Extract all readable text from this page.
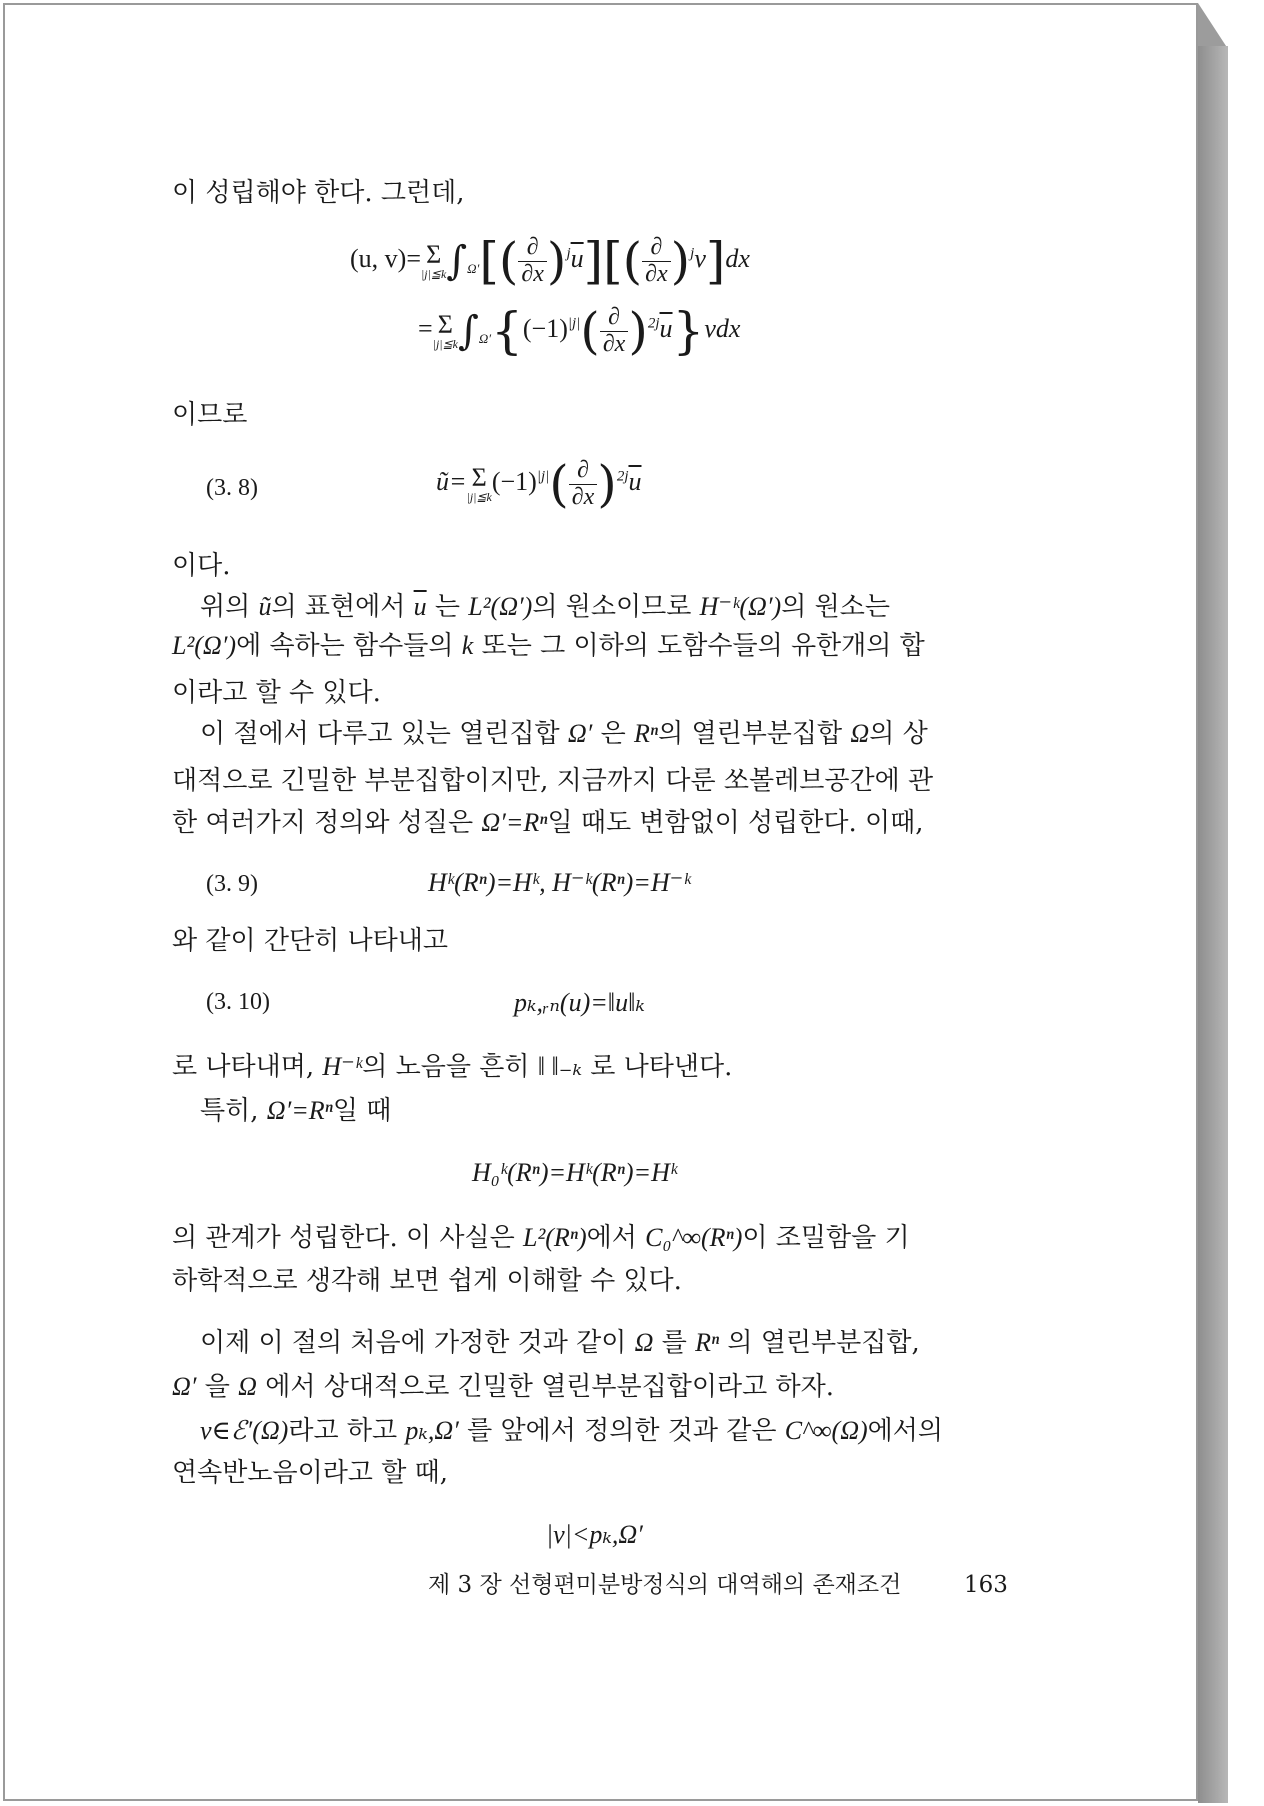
이 성립해야 한다. 그런데,
(u, v)= Σ
|j|≦k $\int_{\Omega'}[( \frac{\partial}{\partial x} )^j\overline{u}][( \frac{\partial}{\partial x} )^jv]dx$
= Σ
|j|≦k $\int_{\Omega'}\{(-1)^{|j|}( \frac{\partial}{\partial x} )^{2j}\overline{u}\}vdx$
이므로
(3. 8)	ũ= Σ
|j|≦k
$(-1)^{|j|}( \frac{\partial}{\partial x} )^{2j}\overline{u}$
이다.
위의 ũ의 표현에서 $\overline{u}$ 는 L²(Ω′)의 원소이므로 H⁻ᵏ(Ω′)의 원소는
L²(Ω′)에 속하는 함수들의 k 또는 그 이하의 도함수들의 유한개의 합
이라고 할 수 있다.
이 절에서 다루고 있는 열린집합 Ω′ 은 Rⁿ의 열린부분집합 Ω의 상
대적으로 긴밀한 부분집합이지만, 지금까지 다룬 쏘볼레브공간에 관
한 여러가지 정의와 성질은 Ω′=Rⁿ일 때도 변함없이 성립한다. 이때,
(3. 9)	Hᵏ(Rⁿ)=Hᵏ, H⁻ᵏ(Rⁿ)=H⁻ᵏ
와 같이 간단히 나타내고
(3. 10)	pₖ,ᵣₙ(u)=‖u‖ₖ
로 나타내며, H⁻ᵏ의 노음을 흔히 ‖ ‖₋ₖ 로 나타낸다.
특히, Ω′=Rⁿ일 때
H₀ᵏ(Rⁿ)=Hᵏ(Rⁿ)=Hᵏ
의 관계가 성립한다. 이 사실은 L²(Rⁿ)에서 C₀^∞(Rⁿ)이 조밀함을 기
하학적으로 생각해 보면 쉽게 이해할 수 있다.
이제 이 절의 처음에 가정한 것과 같이 Ω 를 Rⁿ 의 열린부분집합,
Ω′ 을 Ω 에서 상대적으로 긴밀한 열린부분집합이라고 하자.
v∈ℰ′(Ω)라고 하고 pₖ,Ω′ 를 앞에서 정의한 것과 같은 C^∞(Ω)에서의
연속반노음이라고 할 때,
|v|<pₖ,Ω′
제 3 장 선형편미분방정식의 대역해의 존재조건	163
